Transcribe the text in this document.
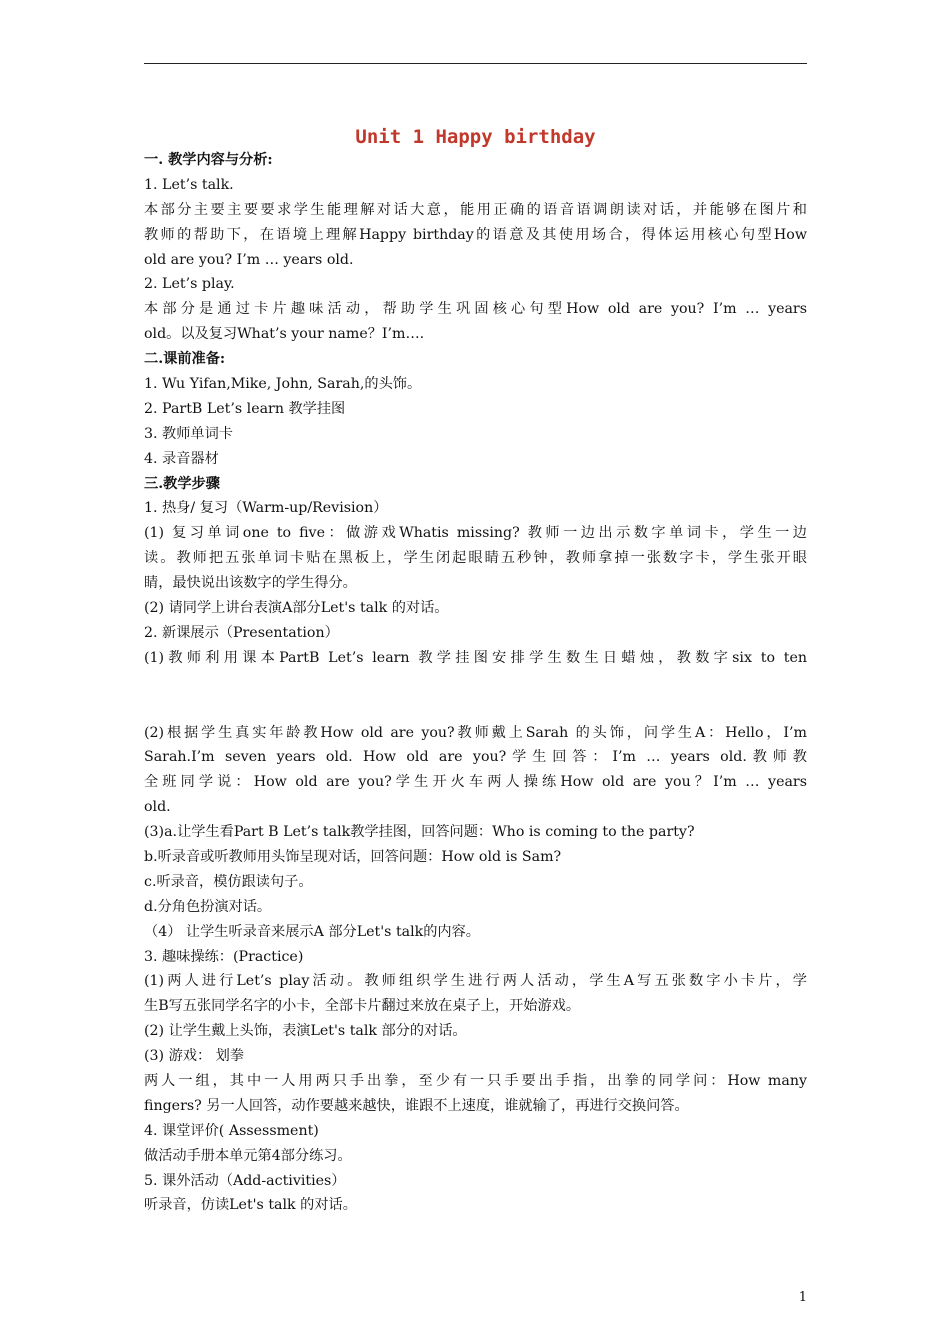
Unit 1 Happy birthday
一. 教学内容与分析:
1. Let’s talk.
本部分主要主要要求学生能理解对话大意，能用正确的语音语调朗读对话，并能够在图片和
教师的帮助下，在语境上理解Happy birthday的语意及其使用场合，得体运用核心句型How
old are you? I’m … years old.
2. Let’s play.
本部分是通过卡片趣味活动，帮助学生巩固核心句型How old are you? I’m … years
old。以及复习What’s your name？I’m….
二.课前准备:
1. Wu Yifan,Mike, John, Sarah,的头饰。
2. PartB Let’s learn 教学挂图
3. 教师单词卡
4. 录音器材
三.教学步骤
1. 热身/ 复习（Warm-up/Revision）
(1) 复习单词one to five：做游戏Whatis missing? 教师一边出示数字单词卡，学生一边
读。教师把五张单词卡贴在黑板上，学生闭起眼睛五秒钟，教师拿掉一张数字卡，学生张开眼
睛，最快说出该数字的学生得分。
(2) 请同学上讲台表演A部分Let's talk 的对话。
2. 新课展示（Presentation）
(1)教师利用课本PartB Let’s learn 教学挂图安排学生数生日蜡烛，教数字six to ten
(2)根据学生真实年龄教How old are you?教师戴上Sarah 的头饰，问学生A：Hello，I’m
Sarah.I’m seven years old. How old are you?学生回答：I’m … years old.教师教
全班同学说：How old are you?学生开火车两人操练How old are you？I’m … years
old.
(3)a.让学生看Part B Let’s talk教学挂图，回答问题：Who is coming to the party?
b.听录音或听教师用头饰呈现对话，回答问题：How old is Sam?
c.听录音，模仿跟读句子。
d.分角色扮演对话。
（4） 让学生听录音来展示A 部分Let's talk的内容。
3. 趣味操练：(Practice)
(1)两人进行Let’s play活动。教师组织学生进行两人活动，学生A写五张数字小卡片，学
生B写五张同学名字的小卡，全部卡片翻过来放在桌子上，开始游戏。
(2) 让学生戴上头饰，表演Let's talk 部分的对话。
(3) 游戏： 划拳
两人一组，其中一人用两只手出拳，至少有一只手要出手指，出拳的同学问：How many
fingers? 另一人回答，动作要越来越快，谁跟不上速度，谁就输了，再进行交换问答。
4. 课堂评价( Assessment)
做活动手册本单元第4部分练习。
5. 课外活动（Add-activities）
听录音，仿读Let's talk 的对话。
1
